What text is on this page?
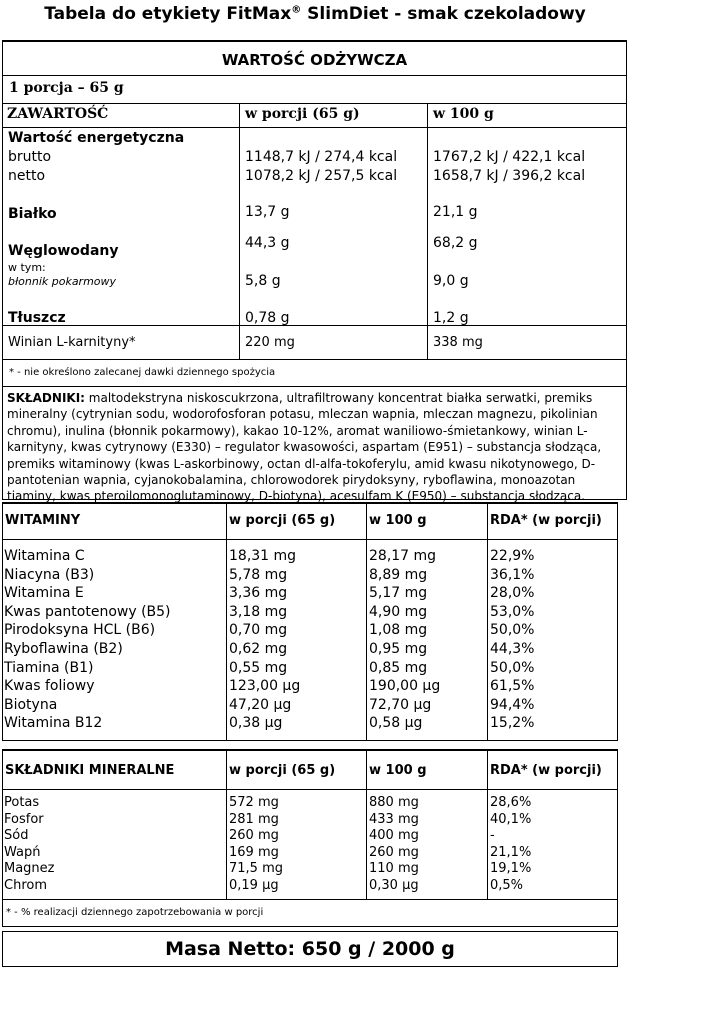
Tabela do etykiety FitMax® SlimDiet - smak czekoladowy
WARTOŚĆ ODŻYWCZA
1 porcja – 65 g
ZAWARTOŚĆ	w porcji (65 g)	w 100 g
Wartość energetyczna
brutto	1148,7 kJ / 274,4 kcal	1767,2 kJ / 422,1 kcal
netto	1078,2 kJ / 257,5 kcal	1658,7 kJ / 396,2 kcal
Białko	13,7 g	21,1 g
Węglowodany	44,3 g	68,2 g
w tym:
błonnik pokarmowy	5,8 g	9,0 g
Tłuszcz	0,78 g	1,2 g
Winian L-karnityny*	220 mg	338 mg
* - nie określono zalecanej dawki dziennego spożycia
SKŁADNIKI: maltodekstryna niskoscukrzona, ultrafiltrowany koncentrat białka serwatki, premiks mineralny (cytrynian sodu, wodorofosforan potasu, mleczan wapnia, mleczan magnezu, pikolinian chromu), inulina (błonnik pokarmowy), kakao 10-12%, aromat waniliowo-śmietankowy, winian L-karnityny, kwas cytrynowy (E330) – regulator kwasowości, aspartam (E951) – substancja słodząca, premiks witaminowy (kwas L-askorbinowy, octan dl-alfa-tokoferylu, amid kwasu nikotynowego, D-pantotenian wapnia, cyjanokobalamina, chlorowodorek pirydoksyny, ryboflawina, monoazotan tiaminy, kwas pteroilomonoglutaminowy, D-biotyna), acesulfam K (E950) – substancja słodząca.
WITAMINY	w porcji (65 g)	w 100 g	RDA* (w porcji)
Witamina C	18,31 mg	28,17 mg	22,9%
Niacyna (B3)	5,78 mg	8,89 mg	36,1%
Witamina E	3,36 mg	5,17 mg	28,0%
Kwas pantotenowy (B5)	3,18 mg	4,90 mg	53,0%
Pirodoksyna HCL (B6)	0,70 mg	1,08 mg	50,0%
Ryboflawina (B2)	0,62 mg	0,95 mg	44,3%
Tiamina (B1)	0,55 mg	0,85 mg	50,0%
Kwas foliowy	123,00 µg	190,00 µg	61,5%
Biotyna	47,20 µg	72,70 µg	94,4%
Witamina B12	0,38 µg	0,58 µg	15,2%
SKŁADNIKI MINERALNE	w porcji (65 g)	w 100 g	RDA* (w porcji)
Potas	572 mg	880 mg	28,6%
Fosfor	281 mg	433 mg	40,1%
Sód	260 mg	400 mg	-
Wapń	169 mg	260 mg	21,1%
Magnez	71,5 mg	110 mg	19,1%
Chrom	0,19 µg	0,30 µg	0,5%
* - % realizacji dziennego zapotrzebowania w porcji
Masa Netto: 650 g / 2000 g
